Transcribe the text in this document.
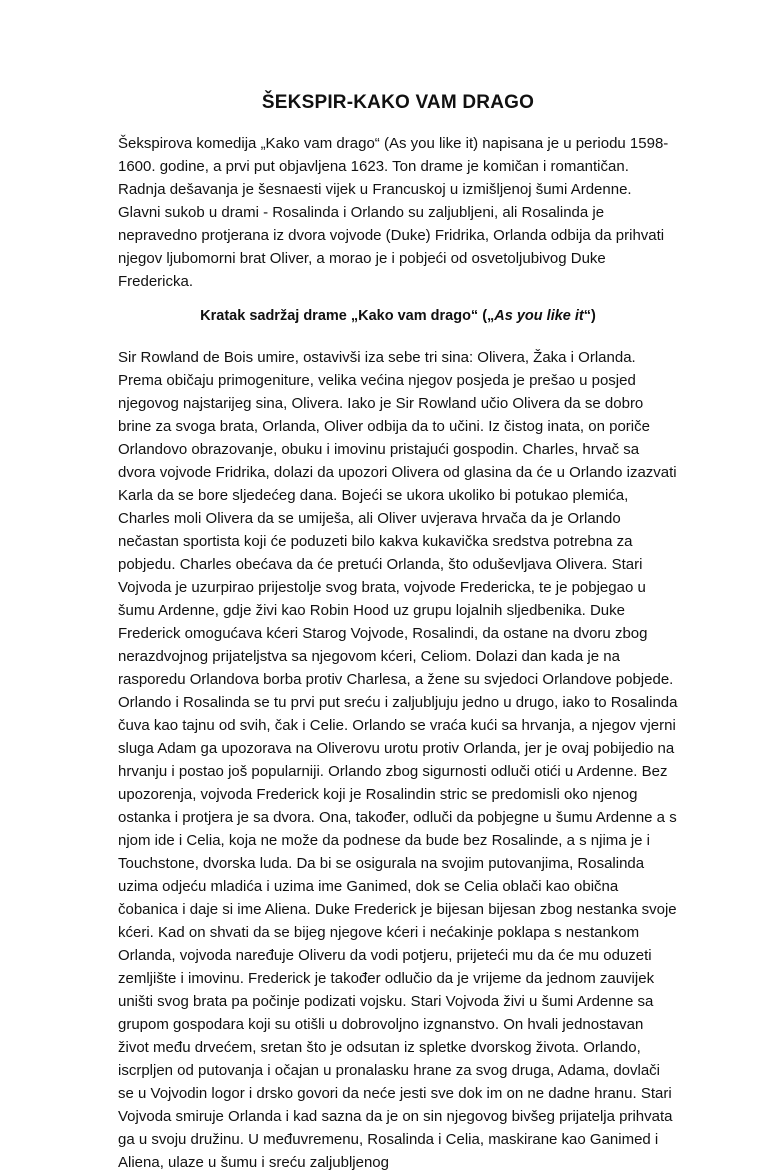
ŠEKSPIR-KAKO VAM DRAGO

Šekspirova komedija „Kako vam drago“ (As you like it) napisana je u periodu 1598-1600. godine, a prvi put objavljena 1623. Ton drame je komičan i romantičan. Radnja dešavanja je šesnaesti vijek u Francuskoj u izmišljenoj šumi Ardenne. Glavni sukob u drami - Rosalinda i Orlando su zaljubljeni, ali Rosalinda je nepravedno protjerana iz dvora vojvode (Duke) Fridrika, Orlanda odbija da prihvati njegov ljubomorni brat Oliver, a morao je i pobjeći od osvetoljubivog Duke Fredericka.

Kratak sadržaj drame „Kako vam drago“ („As you like it“)

Sir Rowland de Bois umire, ostavivši iza sebe tri sina: Olivera, Žaka i Orlanda. Prema običaju primogeniture, velika većina njegov posjeda je prešao u posjed njegovog najstarijeg sina, Olivera. Iako je Sir Rowland učio Olivera da se dobro brine za svoga brata, Orlanda, Oliver odbija da to učini. Iz čistog inata, on poriče Orlandovo obrazovanje, obuku i imovinu pristajući gospodin. Charles, hrvač sa dvora vojvode Fridrika, dolazi da upozori Olivera od glasina da će u Orlando izazvati Karla da se bore sljedećeg dana. Bojeći se ukora ukoliko bi potukao plemića, Charles moli Olivera da se umiješa, ali Oliver uvjerava hrvača da je Orlando nečastan sportista koji će poduzeti bilo kakva kukavička sredstva potrebna za pobjedu. Charles obećava da će pretući Orlanda, što oduševljava Olivera. Stari Vojvoda je uzurpirao prijestolje svog brata, vojvode Fredericka, te je pobjegao u šumu Ardenne, gdje živi kao Robin Hood uz grupu lojalnih sljedbenika. Duke Frederick omogućava kćeri Starog Vojvode, Rosalindi, da ostane na dvoru zbog nerazdvojnog prijateljstva sa njegovom kćeri, Celiom. Dolazi dan kada je na rasporedu Orlandova borba protiv Charlesa, a žene su svjedoci Orlandove pobjede. Orlando i Rosalinda se tu prvi put sreću i zaljubljuju jedno u drugo, iako to Rosalinda čuva kao tajnu od svih, čak i Celie. Orlando se vraća kući sa hrvanja, a njegov vjerni sluga Adam ga upozorava na Oliverovu urotu protiv Orlanda, jer je ovaj pobijedio na hrvanju i postao još popularniji. Orlando zbog sigurnosti odluči otići u Ardenne. Bez upozorenja, vojvoda Frederick koji je Rosalindin stric se predomisli oko njenog ostanka i protjera je sa dvora. Ona, također, odluči da pobjegne u šumu Ardenne a s njom ide i Celia, koja ne može da podnese da bude bez Rosalinde, a s njima je i Touchstone, dvorska luda. Da bi se osigurala na svojim putovanjima, Rosalinda uzima odjeću mladića i uzima ime Ganimed, dok se Celia oblači kao obična čobanica i daje si ime Aliena. Duke Frederick je bijesan bijesan zbog nestanka svoje kćeri. Kad on shvati da se bijeg njegove kćeri i nećakinje poklapa s nestankom Orlanda, vojvoda naređuje Oliveru da vodi potjeru, prijeteći mu da će mu oduzeti zemljište i imovinu. Frederick je također odlučio da je vrijeme da jednom zauvijek uništi svog brata pa počinje podizati vojsku. Stari Vojvoda živi u šumi Ardenne sa grupom gospodara koji su otišli u dobrovoljno izgnanstvo. On hvali jednostavan život među drvećem, sretan što je odsutan iz spletke dvorskog života. Orlando, iscrpljen od putovanja i očajan u pronalasku hrane za svog druga, Adama, dovlači se u Vojvodin logor i drsko govori da neće jesti sve dok im on ne dadne hranu. Stari Vojvoda smiruje Orlanda i kad sazna da je on sin njegovog bivšeg prijatelja prihvata ga u svoju družinu. U međuvremenu, Rosalinda i Celia, maskirane kao Ganimed i Aliena, ulaze u šumu i sreću zaljubljenog
